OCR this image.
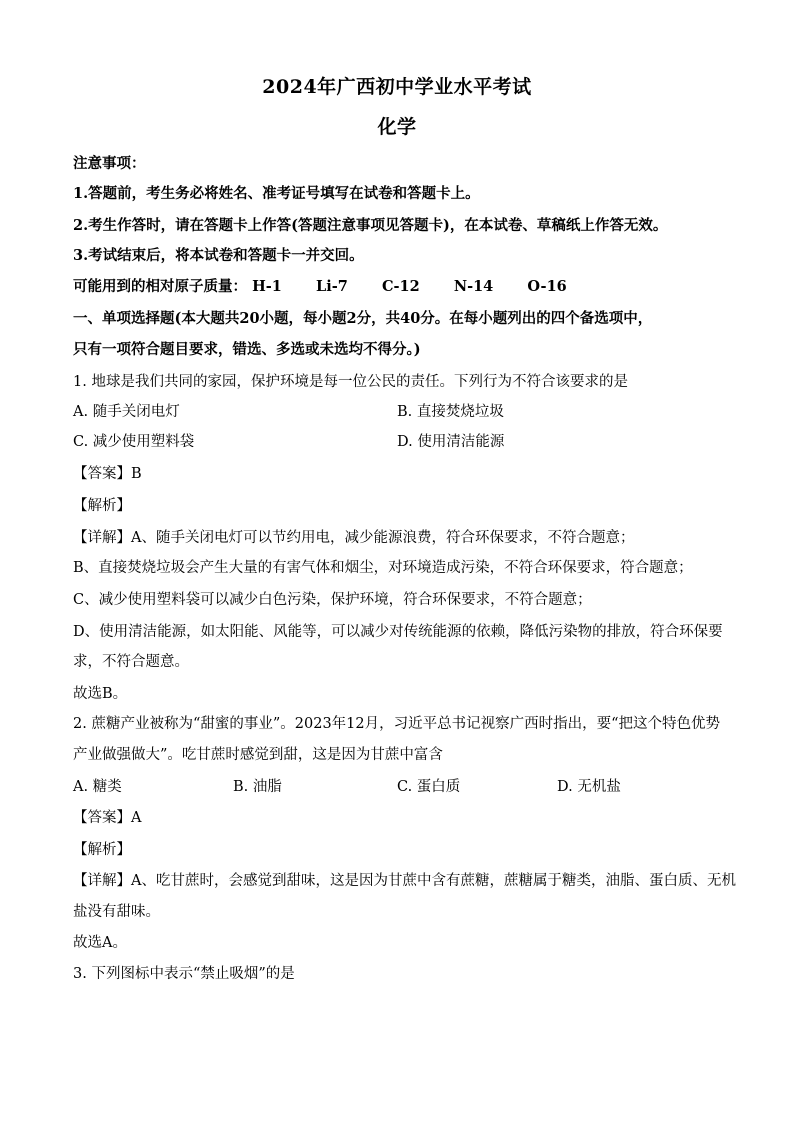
2024年广西初中学业水平考试
化学
注意事项：
1.答题前，考生务必将姓名、准考证号填写在试卷和答题卡上。
2.考生作答时，请在答题卡上作答(答题注意事项见答题卡)，在本试卷、草稿纸上作答无效。
3.考试结束后，将本试卷和答题卡一并交回。
可能用到的相对原子质量： H-1 Li-7 C-12 N-14 O-16
一、单项选择题(本大题共20小题，每小题2分，共40分。在每小题列出的四个备选项中，
只有一项符合题目要求，错选、多选或未选均不得分。)
1. 地球是我们共同的家园，保护环境是每一位公民的责任。下列行为不符合该要求的是
A. 随手关闭电灯	B. 直接焚烧垃圾
C. 减少使用塑料袋	D. 使用清洁能源
【答案】B
【解析】
【详解】A、随手关闭电灯可以节约用电，减少能源浪费，符合环保要求，不符合题意；
B、直接焚烧垃圾会产生大量的有害气体和烟尘，对环境造成污染，不符合环保要求，符合题意；
C、减少使用塑料袋可以减少白色污染，保护环境，符合环保要求，不符合题意；
D、使用清洁能源，如太阳能、风能等，可以减少对传统能源的依赖，降低污染物的排放，符合环保要
求，不符合题意。
故选B。
2. 蔗糖产业被称为“甜蜜的事业”。2023年12月，习近平总书记视察广西时指出，要“把这个特色优势
产业做强做大”。吃甘蔗时感觉到甜，这是因为甘蔗中富含
A. 糖类	B. 油脂	C. 蛋白质	D. 无机盐
【答案】A
【解析】
【详解】A、吃甘蔗时，会感觉到甜味，这是因为甘蔗中含有蔗糖，蔗糖属于糖类，油脂、蛋白质、无机
盐没有甜味。
故选A。
3. 下列图标中表示“禁止吸烟”的是
